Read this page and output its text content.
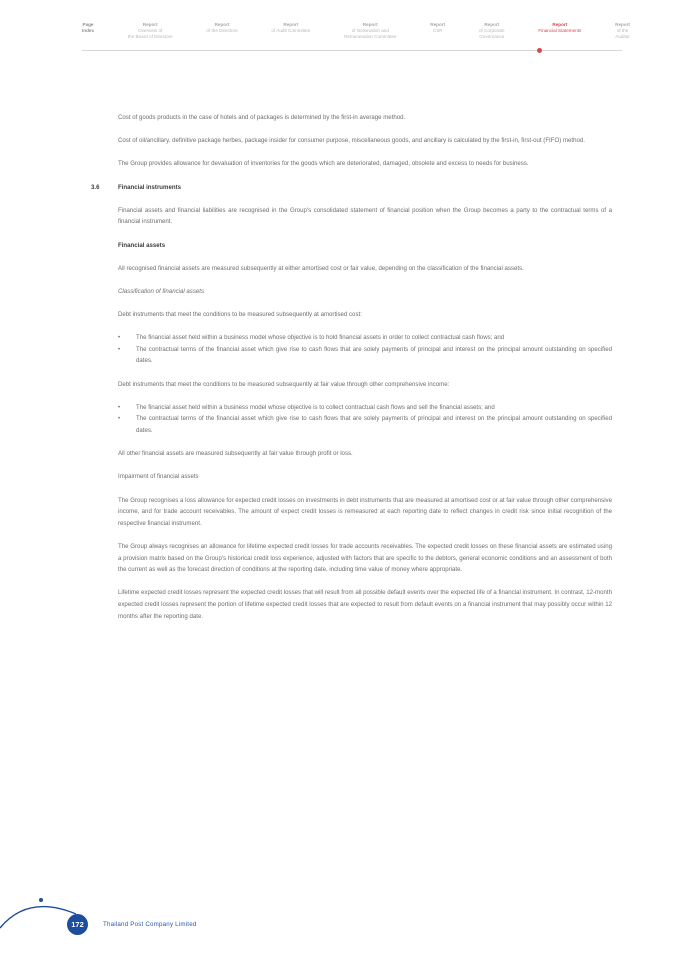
Page
Index
Report
Overview of
the Board of Directors
Report
of the Directors
Report
of Audit Committee
Report
of Nomination and
Remuneration Committee
Report
CSR
Report
of Corporate
Governance
Report
Financial Statements
Report
of the
Auditor

Cost of goods products in the case of hotels and of packages is determined by the first-in average method.

Cost of oil/ancillary, definitive package herbes, package insider for consumer purpose, miscellaneous goods, and ancillary is calculated by the first-in, first-out (FIFO) method.

The Group provides allowance for devaluation of inventories for the goods which are deteriorated, damaged, obsolete and excess to needs for business.

3.6	Financial instruments

Financial assets and financial liabilities are recognised in the Group's consolidated statement of financial position when the Group becomes a party to the contractual terms of a financial instrument.

Financial assets

All recognised financial assets are measured subsequently at either amortised cost or fair value, depending on the classification of the financial assets.

Classification of financial assets

Debt instruments that meet the conditions to be measured subsequently at amortised cost:

• The financial asset held within a business model whose objective is to hold financial assets in order to collect contractual cash flows; and
• The contractual terms of the financial asset which give rise to cash flows that are solely payments of principal and interest on the principal amount outstanding on specified dates.

Debt instruments that meet the conditions to be measured subsequently at fair value through other comprehensive income:

• The financial asset held within a business model whose objective is to collect contractual cash flows and sell the financial assets; and
• The contractual terms of the financial asset which give rise to cash flows that are solely payments of principal and interest on the principal amount outstanding on specified dates.

All other financial assets are measured subsequently at fair value through profit or loss.

Impairment of financial assets

The Group recognises a loss allowance for expected credit losses on investments in debt instruments that are measured at amortised cost or at fair value through other comprehensive income, and for trade account receivables. The amount of expect credit losses is remeasured at each reporting date to reflect changes in credit risk since initial recognition of the respective financial instrument.

The Group always recognises an allowance for lifetime expected credit losses for trade accounts receivables. The expected credit losses on these financial assets are estimated using a provision matrix based on the Group's historical credit loss experience, adjusted with factors that are specific to the debtors, general economic conditions and an assessment of both the current as well as the forecast direction of conditions at the reporting date, including time value of money where appropriate.

Lifetime expected credit losses represent the expected credit losses that will result from all possible default events over the expected life of a financial instrument. In contrast, 12-month expected credit losses represent the portion of lifetime expected credit losses that are expected to result from default events on a financial instrument that may possibly occur within 12 months after the reporting date.

172	Thailand Post Company Limited
